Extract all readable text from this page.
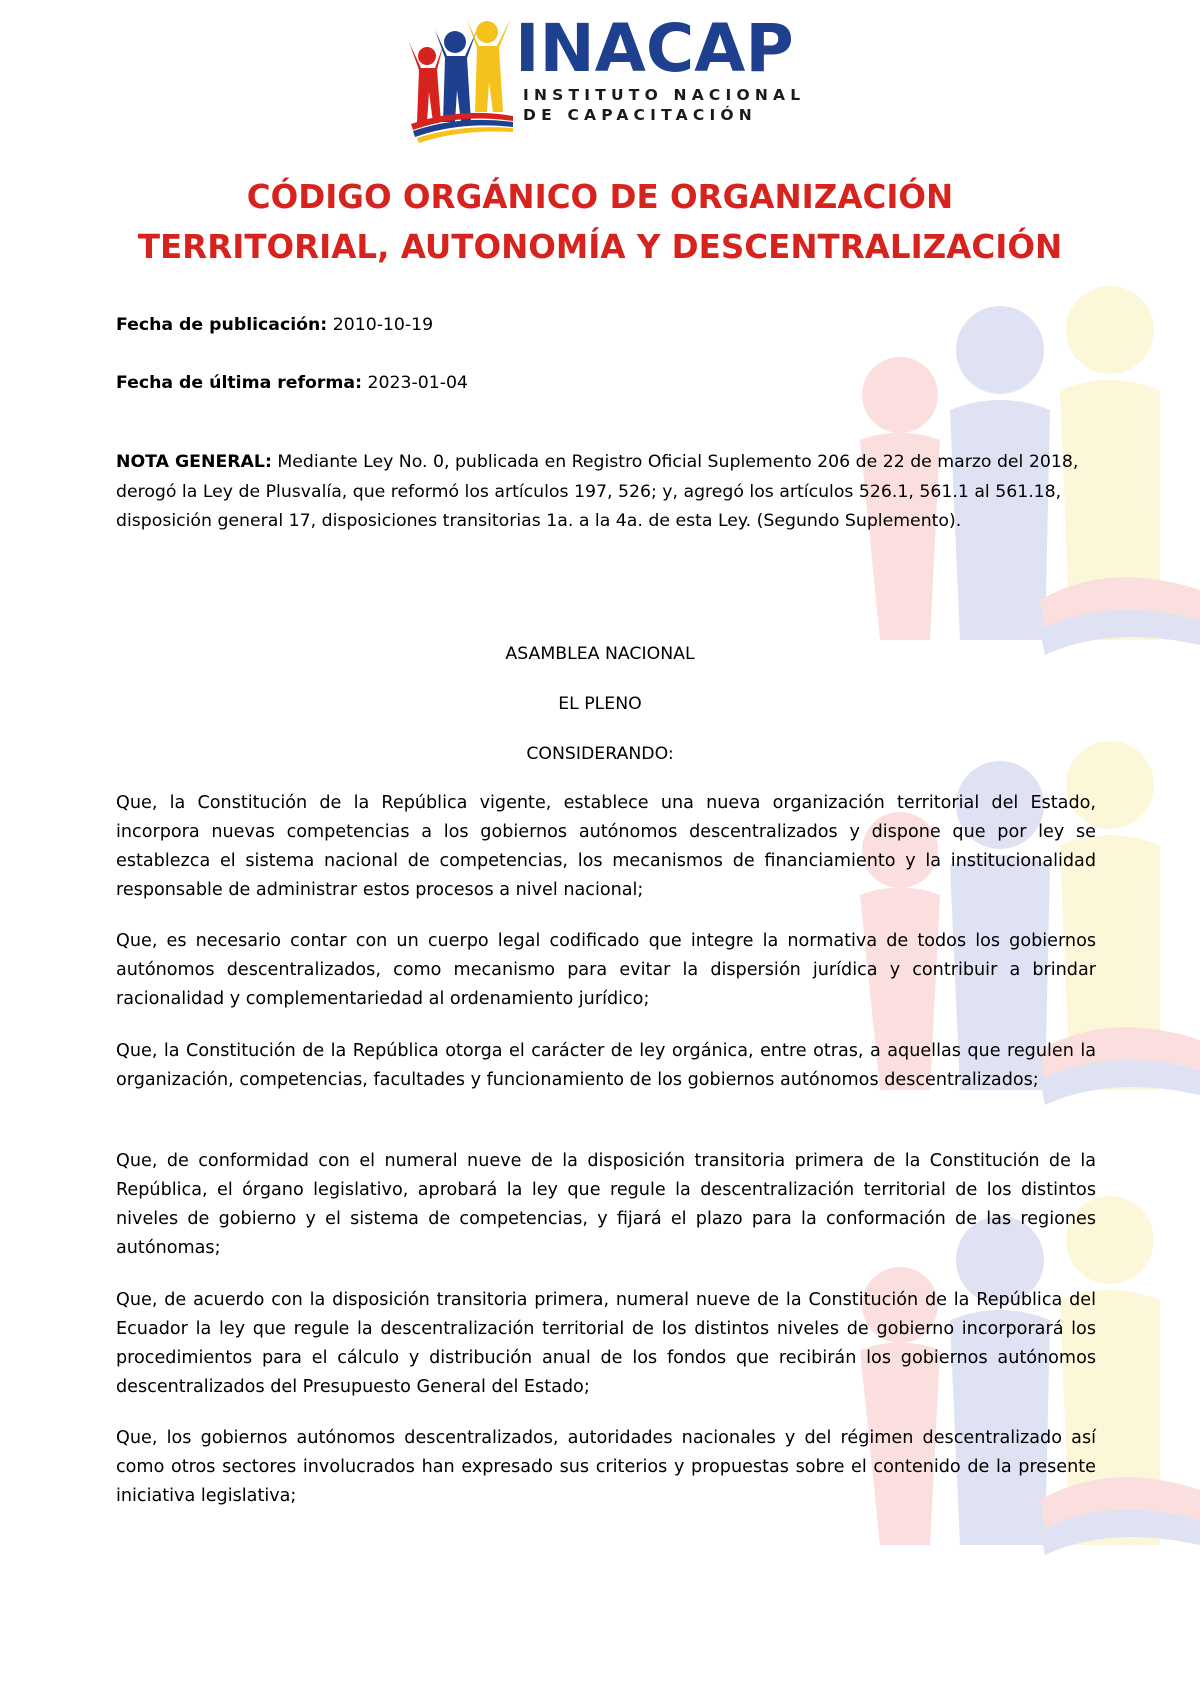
INACAP
INSTITUTO NACIONAL
DE CAPACITACIÓN
CÓDIGO ORGÁNICO DE ORGANIZACIÓN
TERRITORIAL, AUTONOMÍA Y DESCENTRALIZACIÓN

Fecha de publicación: 2010-10-19

Fecha de última reforma: 2023-01-04

NOTA GENERAL: Mediante Ley No. 0, publicada en Registro Oficial Suplemento 206 de 22 de marzo del 2018, derogó la Ley de Plusvalía, que reformó los artículos 197, 526; y, agregó los artículos 526.1, 561.1 al 561.18, disposición general 17, disposiciones transitorias 1a. a la 4a. de esta Ley. (Segundo Suplemento).

ASAMBLEA NACIONAL

EL PLENO

CONSIDERANDO:

Que, la Constitución de la República vigente, establece una nueva organización territorial del Estado, incorpora nuevas competencias a los gobiernos autónomos descentralizados y dispone que por ley se establezca el sistema nacional de competencias, los mecanismos de financiamiento y la institucionalidad responsable de administrar estos procesos a nivel nacional;

Que, es necesario contar con un cuerpo legal codificado que integre la normativa de todos los gobiernos autónomos descentralizados, como mecanismo para evitar la dispersión jurídica y contribuir a brindar racionalidad y complementariedad al ordenamiento jurídico;

Que, la Constitución de la República otorga el carácter de ley orgánica, entre otras, a aquellas que regulen la organización, competencias, facultades y funcionamiento de los gobiernos autónomos descentralizados;

Que, de conformidad con el numeral nueve de la disposición transitoria primera de la Constitución de la República, el órgano legislativo, aprobará la ley que regule la descentralización territorial de los distintos niveles de gobierno y el sistema de competencias, y fijará el plazo para la conformación de las regiones autónomas;

Que, de acuerdo con la disposición transitoria primera, numeral nueve de la Constitución de la República del Ecuador la ley que regule la descentralización territorial de los distintos niveles de gobierno incorporará los procedimientos para el cálculo y distribución anual de los fondos que recibirán los gobiernos autónomos descentralizados del Presupuesto General del Estado;

Que, los gobiernos autónomos descentralizados, autoridades nacionales y del régimen descentralizado así como otros sectores involucrados han expresado sus criterios y propuestas sobre el contenido de la presente iniciativa legislativa;
